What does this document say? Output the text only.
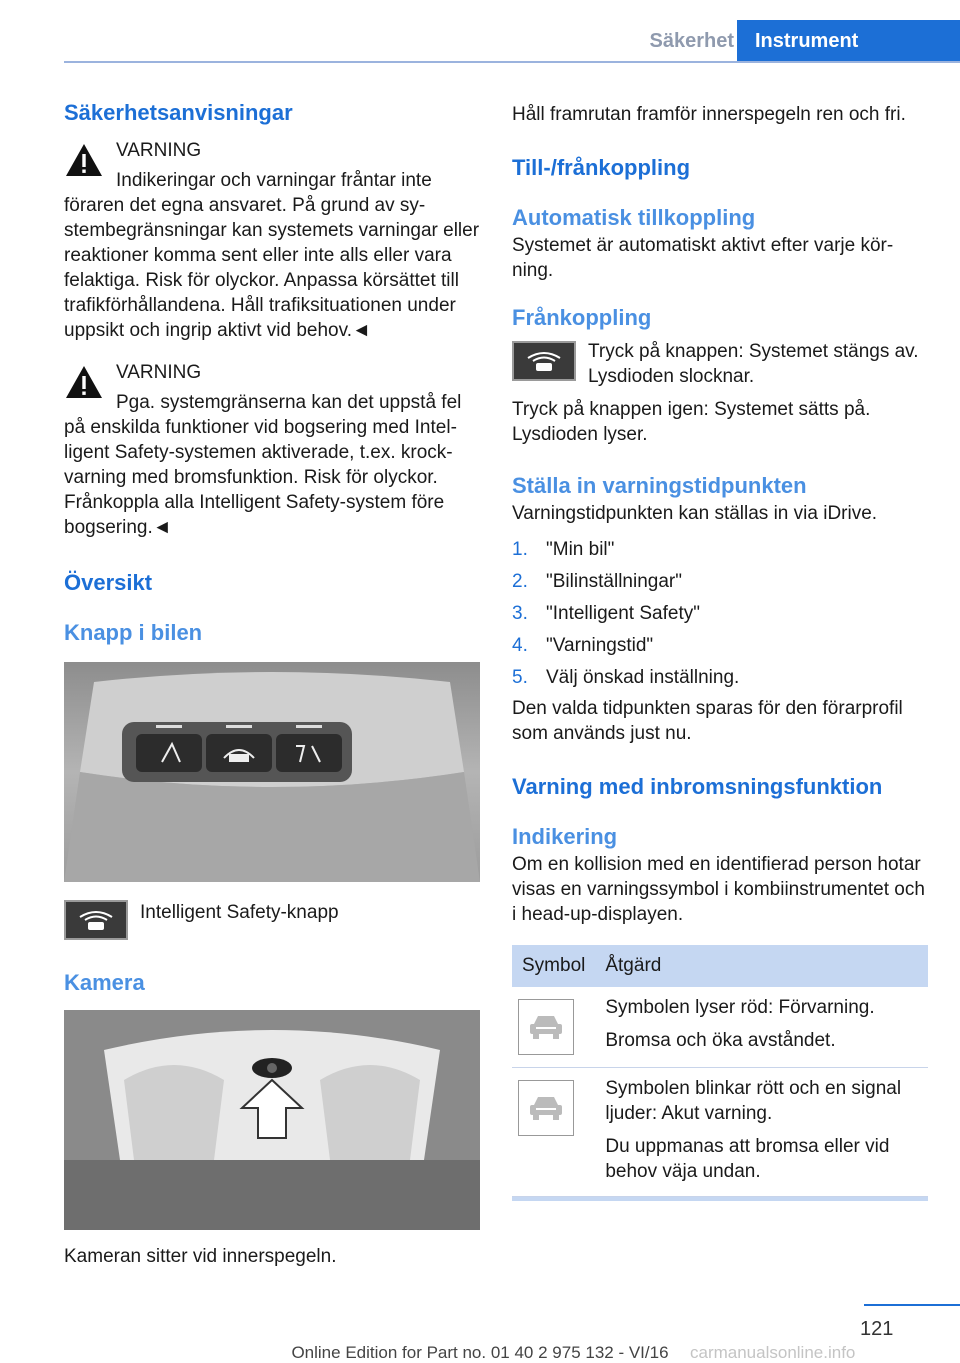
Säkerhet	Instrument
Säkerhetsanvisningar
VARNING
Indikeringar och varningar fråntar inte föraren det egna ansvaret. På grund av systembegränsningar kan systemets varningar eller reaktioner komma sent eller inte alls eller vara felaktiga. Risk för olyckor. Anpassa körsättet till trafikförhållandena. Håll trafiksituationen under uppsikt och ingrip aktivt vid behov.◄
VARNING
Pga. systemgränserna kan det uppstå fel på enskilda funktioner vid bogsering med Intelligent Safety-systemen aktiverade, t.ex. krockvarning med bromsfunktion. Risk för olyckor. Frånkoppla alla Intelligent Safety-system före bogsering.◄
Översikt
Knapp i bilen
Intelligent Safety-knapp
Kamera
Kameran sitter vid innerspegeln.
Håll framrutan framför innerspegeln ren och fri.
Till-/frånkoppling
Automatisk tillkoppling
Systemet är automatiskt aktivt efter varje körning.
Frånkoppling
Tryck på knappen: Systemet stängs av. Lysdioden slocknar.
Tryck på knappen igen: Systemet sätts på. Lysdioden lyser.
Ställa in varningstidpunkten
Varningstidpunkten kan ställas in via iDrive.
1. "Min bil"
2. "Bilinställningar"
3. "Intelligent Safety"
4. "Varningstid"
5. Välj önskad inställning.
Den valda tidpunkten sparas för den förarprofil som används just nu.
Varning med inbromsningsfunktion
Indikering
Om en kollision med en identifierad person hotar visas en varningssymbol i kombiinstrumentet och i head-up-displayen.
Symbol	Åtgärd

Symbolen lyser röd: Förvarning.
Bromsa och öka avståndet.

Symbolen blinkar rött och en signal ljuder: Akut varning.
Du uppmanas att bromsa eller vid behov väja undan.
121
Online Edition for Part no. 01 40 2 975 132 - VI/16	carmanualsonline.info
